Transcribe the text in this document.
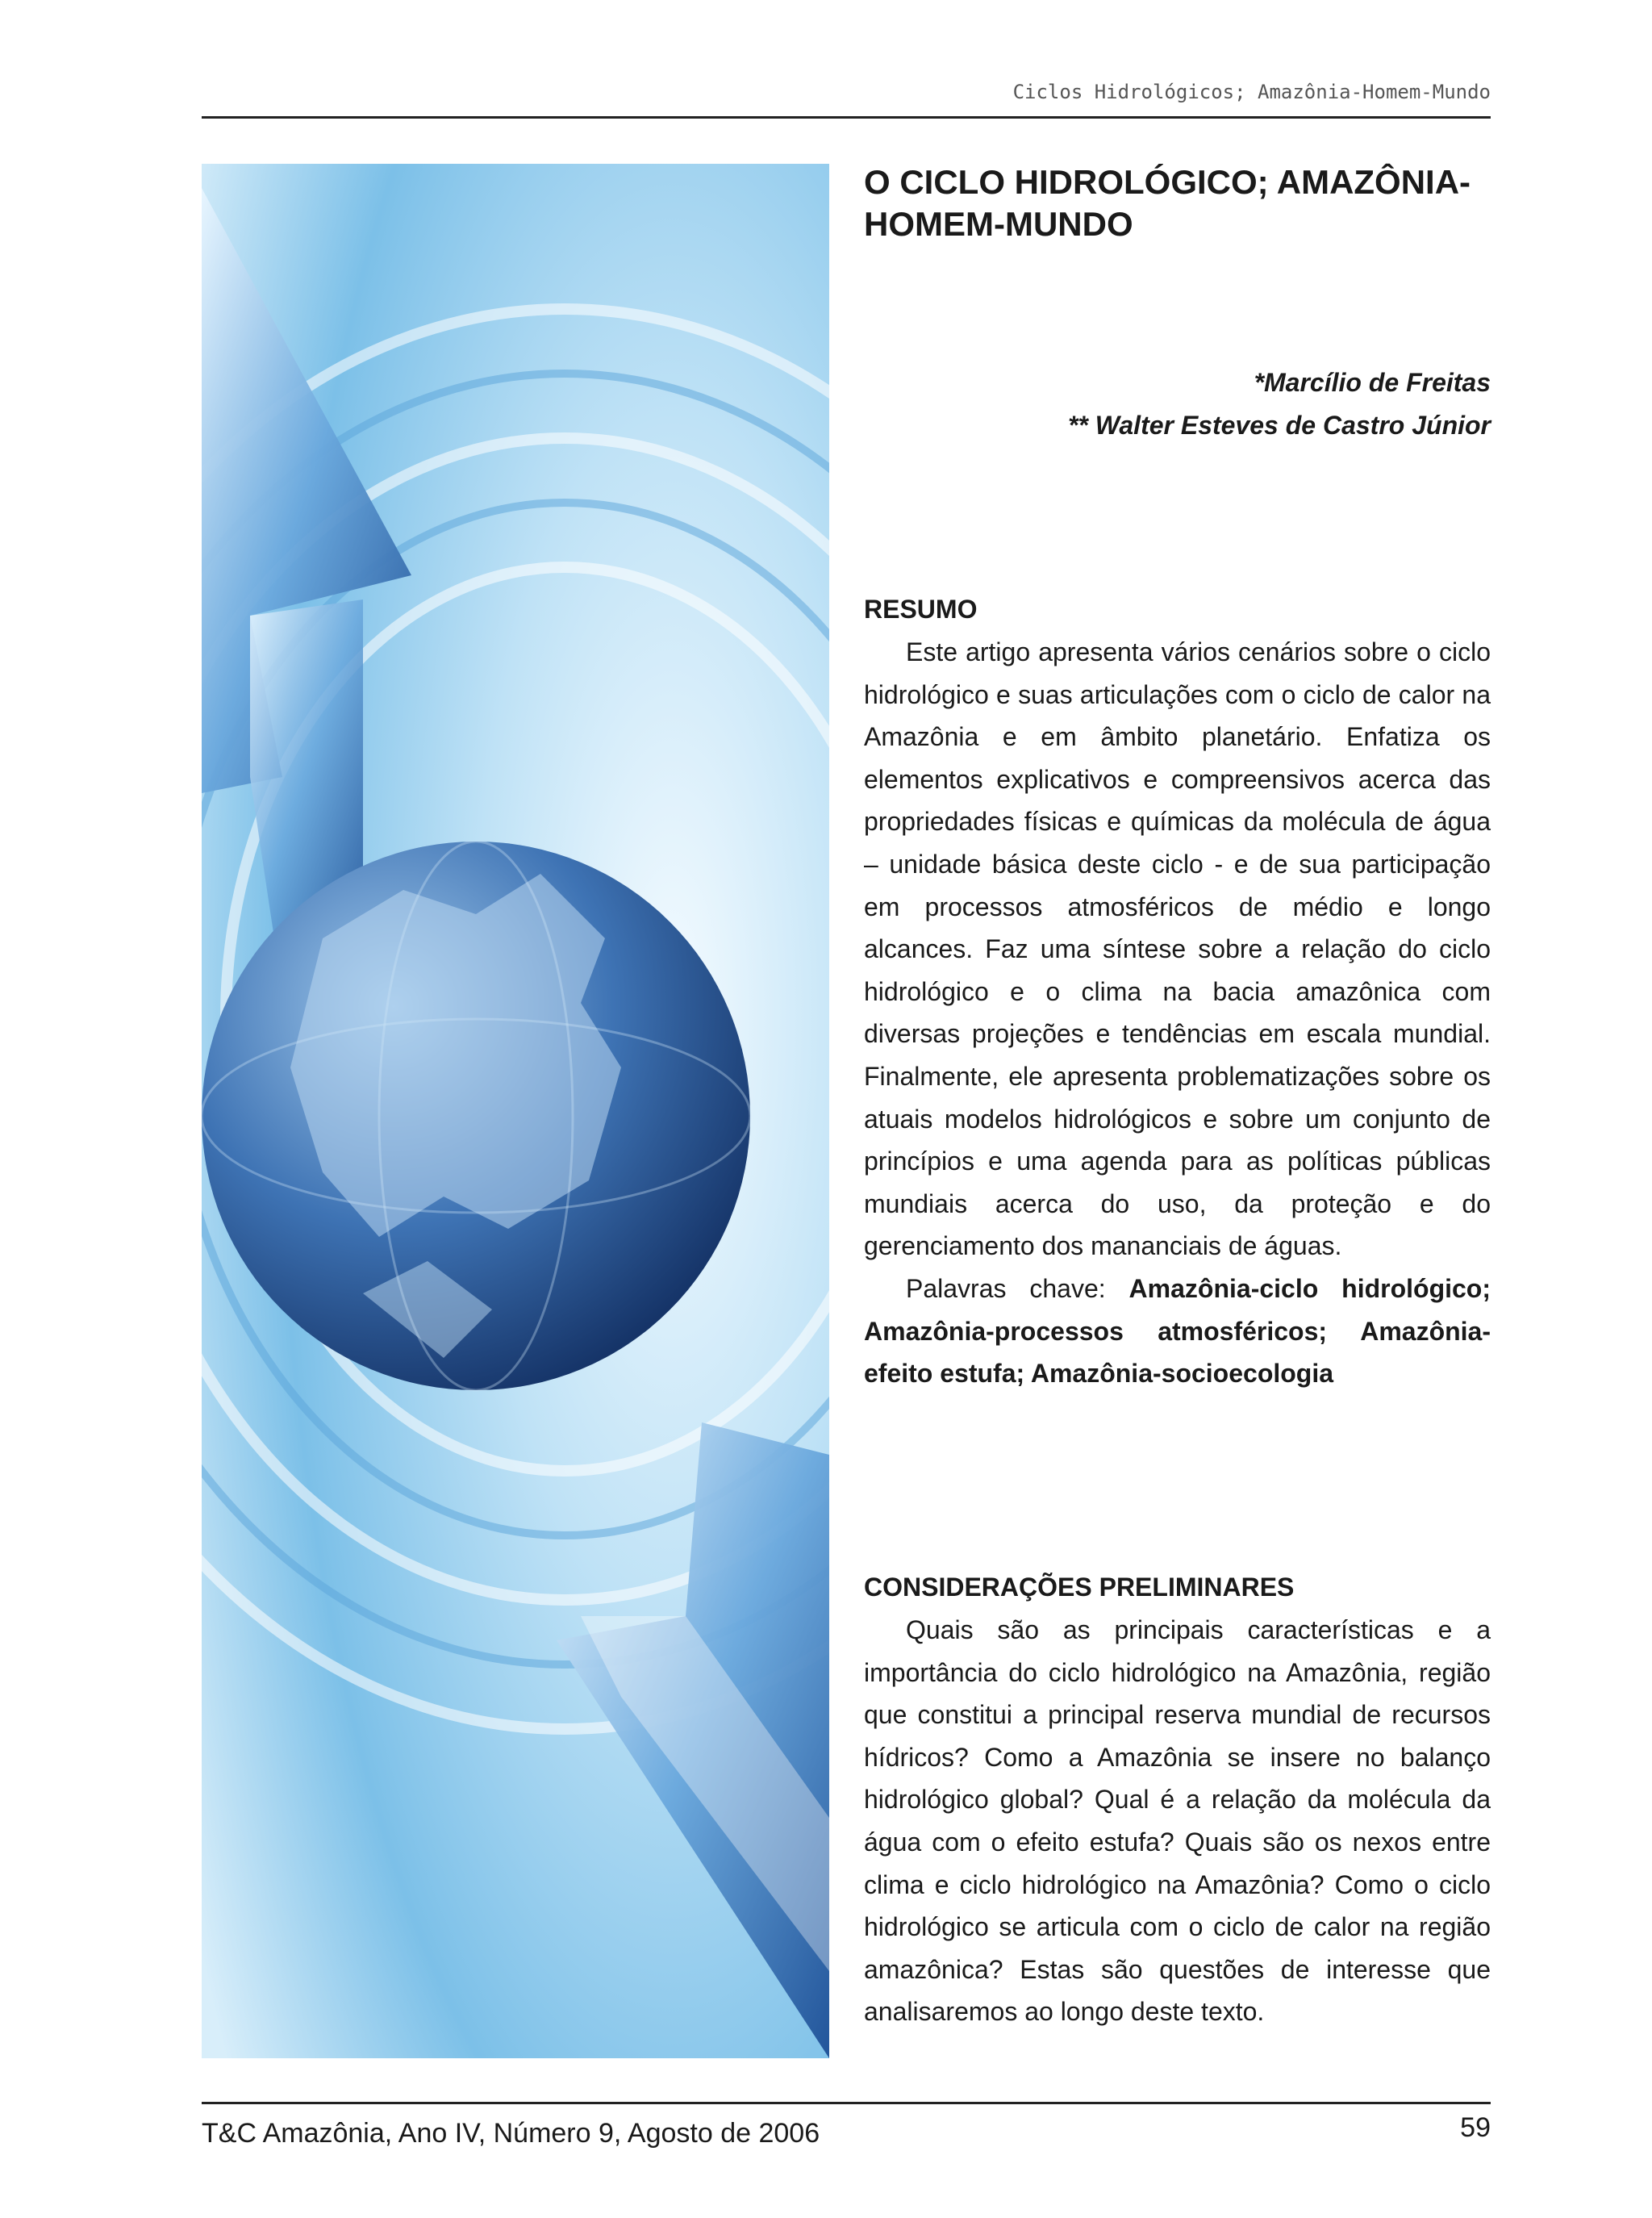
Ciclos Hidrológicos; Amazônia-Homem-Mundo
O CICLO HIDROLÓGICO; AMAZÔNIA-HOMEM-MUNDO
*Marcílio de Freitas
** Walter Esteves de Castro Júnior

RESUMO

Este artigo apresenta vários cenários sobre o ciclo hidrológico e suas articulações com o ciclo de calor na Amazônia e em âmbito planetário. Enfatiza os elementos explicativos e compreensivos acerca das propriedades físicas e químicas da molécula de água – unidade básica deste ciclo - e de sua participação em processos atmosféricos de médio e longo alcances. Faz uma síntese sobre a relação do ciclo hidrológico e o clima na bacia amazônica com diversas projeções e tendências em escala mundial. Finalmente, ele apresenta problematizações sobre os atuais modelos hidrológicos e sobre um conjunto de princípios e uma agenda para as políticas públicas mundiais acerca do uso, da proteção e do gerenciamento dos mananciais de águas.

Palavras chave: Amazônia-ciclo hidrológico; Amazônia-processos atmosféricos; Amazônia-efeito estufa; Amazônia-socioecologia

CONSIDERAÇÕES PRELIMINARES

Quais são as principais características e a importância do ciclo hidrológico na Amazônia, região que constitui a principal reserva mundial de recursos hídricos? Como a Amazônia se insere no balanço hidrológico global? Qual é a relação da molécula da água com o efeito estufa? Quais são os nexos entre clima e ciclo hidrológico na Amazônia? Como o ciclo hidrológico se articula com o ciclo de calor na região amazônica? Estas são questões de interesse que analisaremos ao longo deste texto.

T&C Amazônia, Ano IV, Número 9, Agosto de 2006	59
